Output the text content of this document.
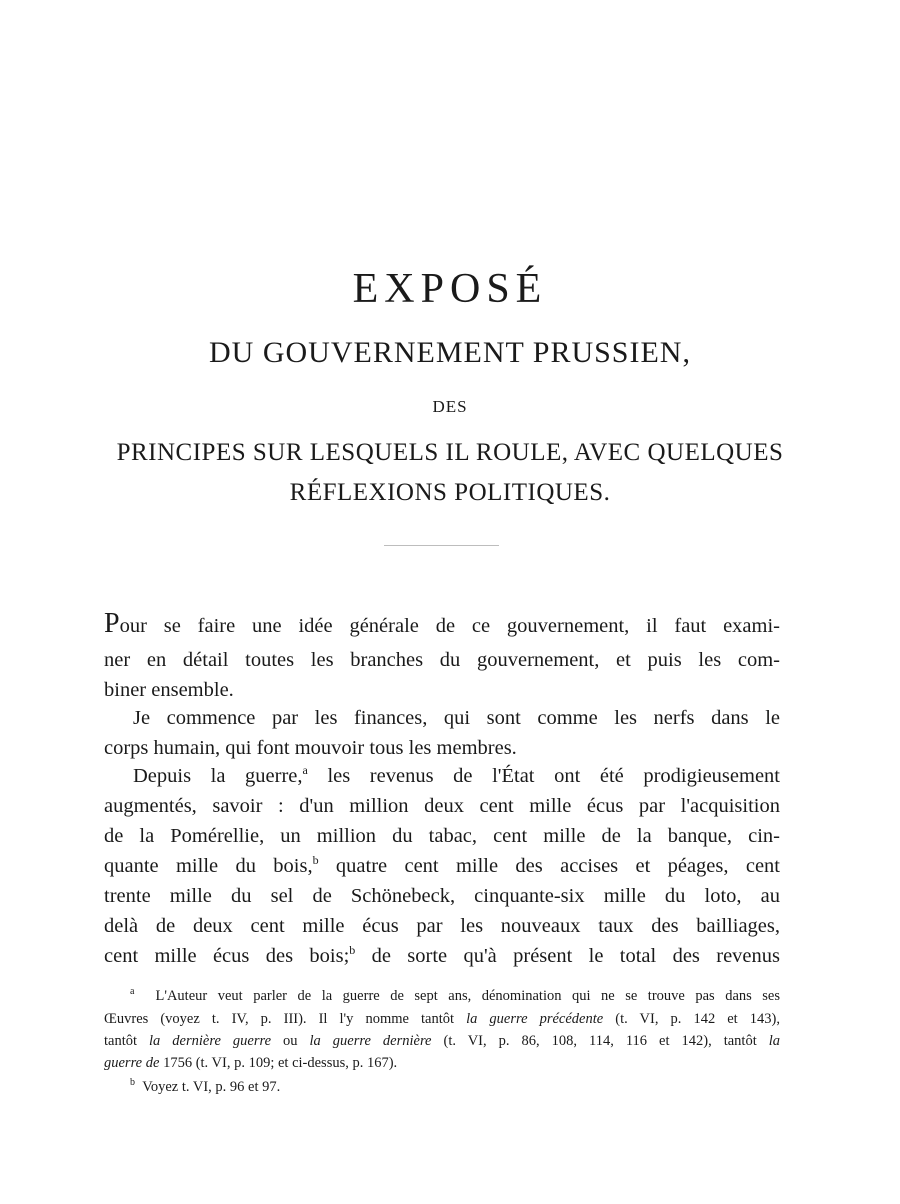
EXPOSÉ
DU GOUVERNEMENT PRUSSIEN,
DES
PRINCIPES SUR LESQUELS IL ROULE, AVEC QUELQUES
RÉFLEXIONS POLITIQUES.
Pour se faire une idée générale de ce gouvernement, il faut exami-
ner en détail toutes les branches du gouvernement, et puis les com-
biner ensemble.
Je commence par les finances, qui sont comme les nerfs dans le
corps humain, qui font mouvoir tous les membres.
Depuis la guerre,$^a$ les revenus de l'État ont été prodigieusement
augmentés, savoir : d'un million deux cent mille écus par l'acquisition
de la Pomérellie, un million du tabac, cent mille de la banque, cin-
quante mille du bois,$^b$ quatre cent mille des accises et péages, cent
trente mille du sel de Schönebeck, cinquante-six mille du loto, au
delà de deux cent mille écus par les nouveaux taux des bailliages,
cent mille écus des bois;$^b$ de sorte qu'à présent le total des revenus
$^a$ L'Auteur veut parler de la guerre de sept ans, dénomination qui ne se trouve pas dans ses
Œuvres (voyez t. IV, p. III). Il l'y nomme tantôt la guerre précédente (t. VI, p. 142 et 143),
tantôt la dernière guerre ou la guerre dernière (t. VI, p. 86, 108, 114, 116 et 142), tantôt la
guerre de 1756 (t. VI, p. 109; et ci-dessus, p. 167).
$^b$ Voyez t. VI, p. 96 et 97.
